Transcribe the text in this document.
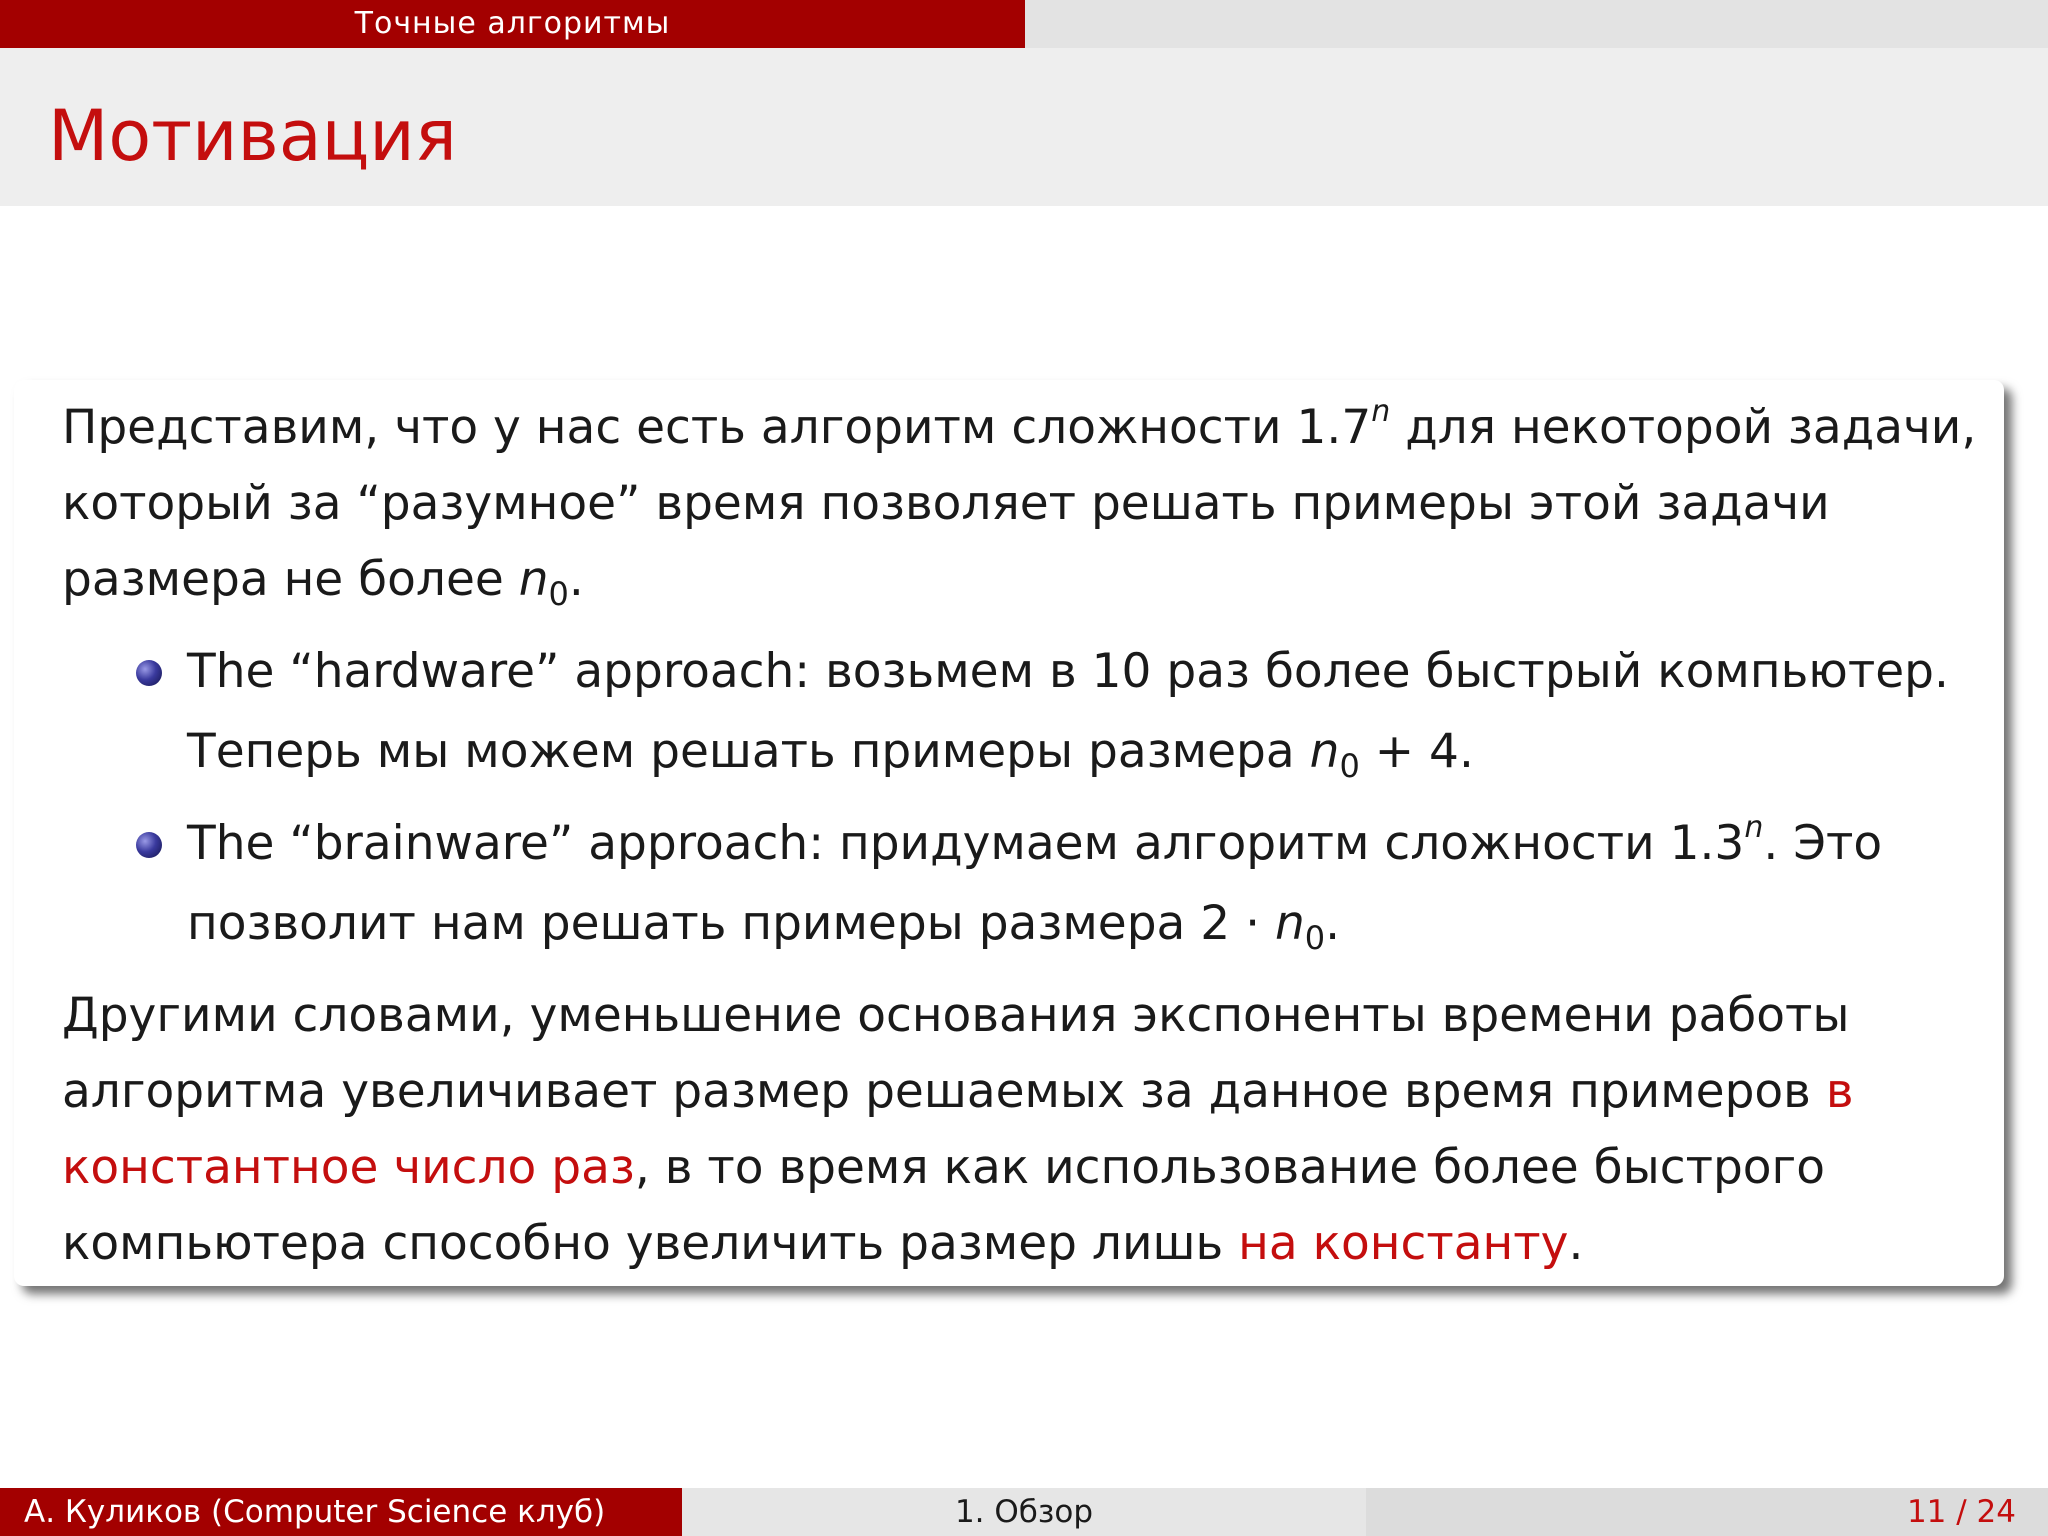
Точные алгоритмы
Мотивация

Представим, что у нас есть алгоритм сложности 1.7$^n$ для некоторой задачи, который за “разумное” время позволяет решать примеры этой задачи размера не более $n_0$.

The “hardware” approach: возьмем в 10 раз более быстрый компьютер. Теперь мы можем решать примеры размера $n_0 + 4$.
The “brainware” approach: придумаем алгоритм сложности 1.3$^n$. Это позволит нам решать примеры размера $2 \cdot n_0$.

Другими словами, уменьшение основания экспоненты времени работы алгоритма увеличивает размер решаемых за данное время примеров в константное число раз, в то время как использование более быстрого компьютера способно увеличить размер лишь на константу.

А. Куликов (Computer Science клуб)	1. Обзор	11 / 24
